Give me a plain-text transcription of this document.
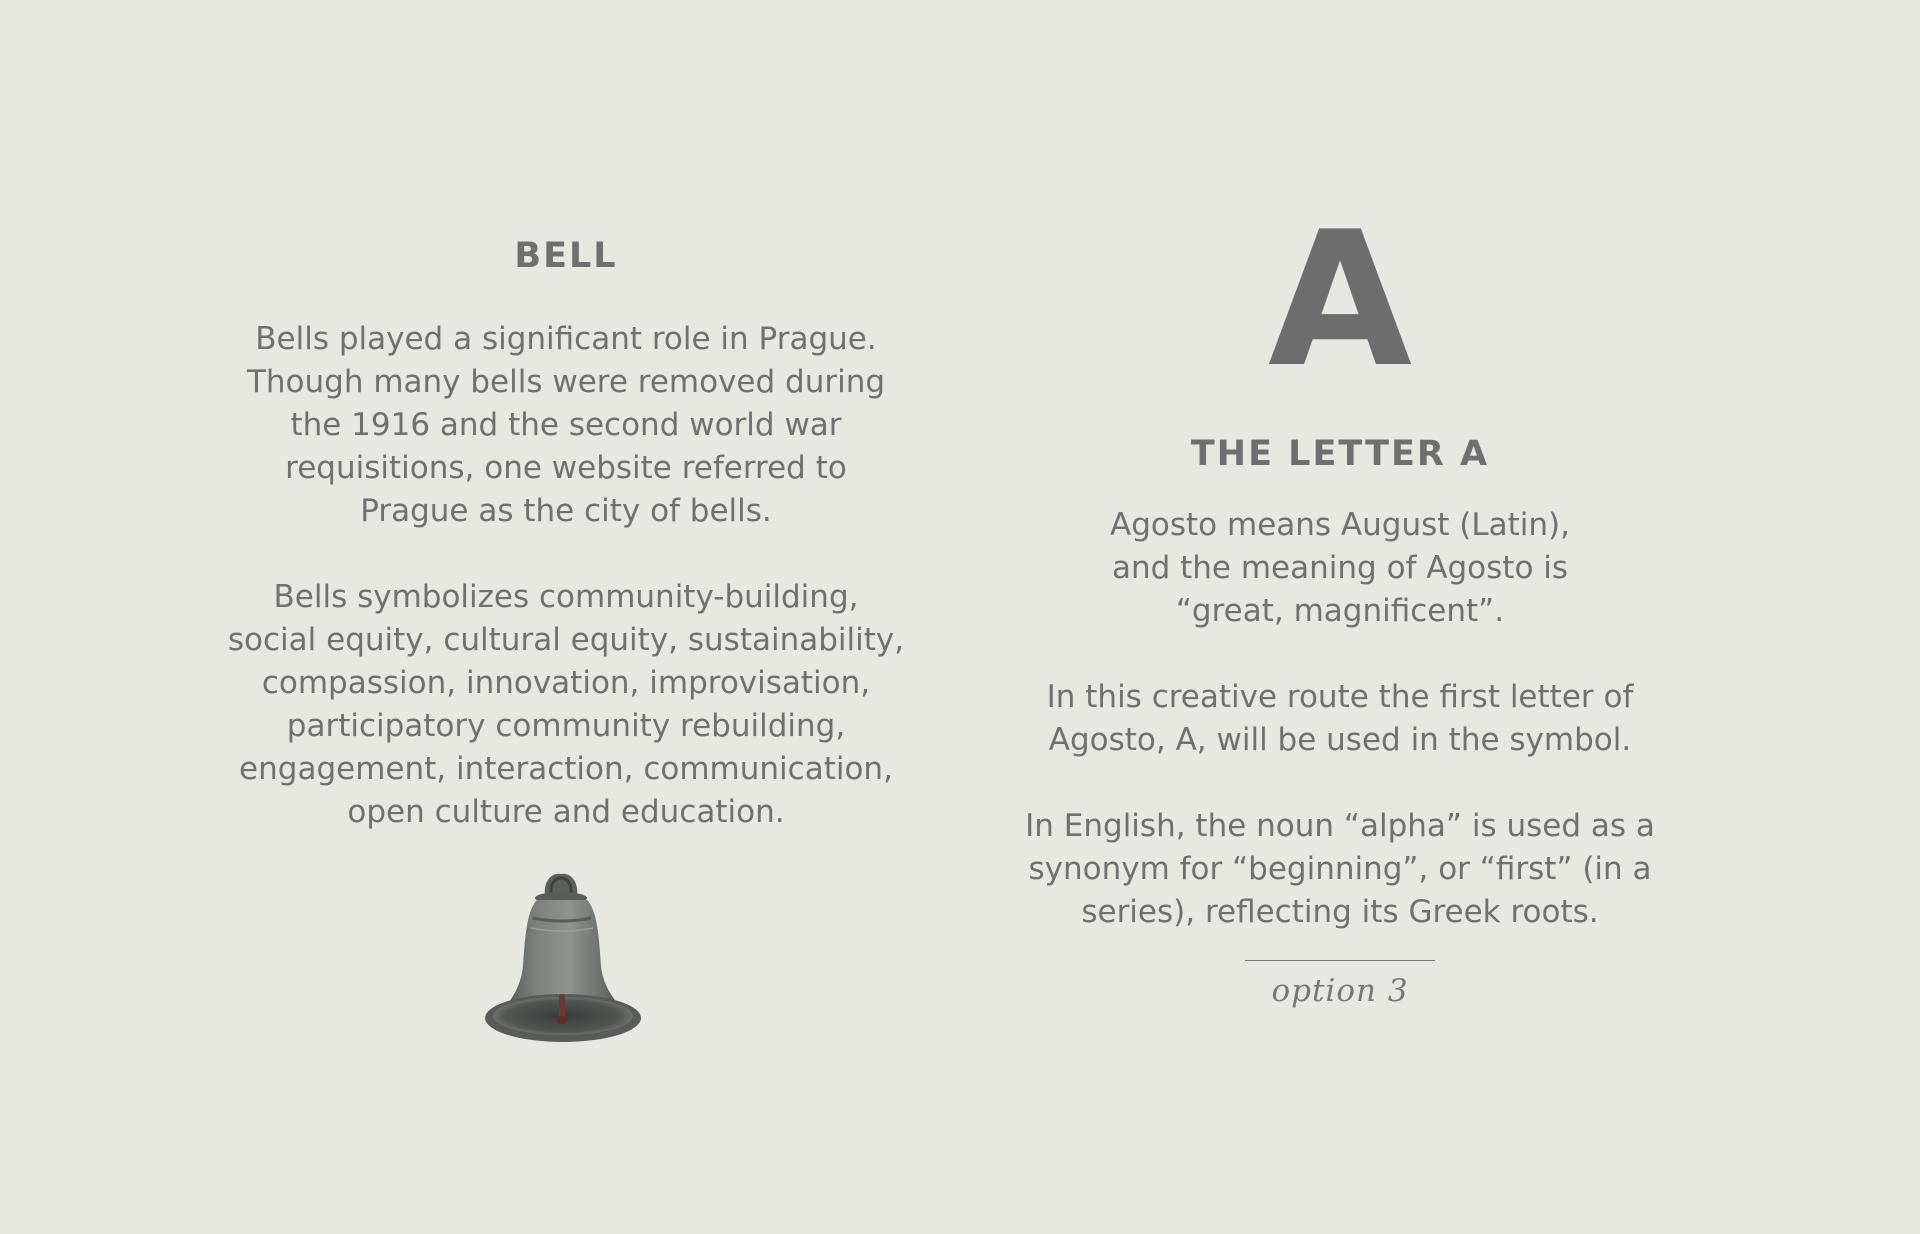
BELL

Bells played a significant role in Prague.
Though many bells were removed during
the 1916 and the second world war
requisitions, one website referred to
Prague as the city of bells.

Bells symbolizes community-building,
social equity, cultural equity, sustainability,
compassion, innovation, improvisation,
participatory community rebuilding,
engagement, interaction, communication,
open culture and education.

A
THE LETTER A

Agosto means August (Latin),
and the meaning of Agosto is
“great, magnificent”.

In this creative route the first letter of
Agosto, A, will be used in the symbol.

In English, the noun “alpha” is used as a
synonym for “beginning”, or “first” (in a
series), reflecting its Greek roots.

option 3
